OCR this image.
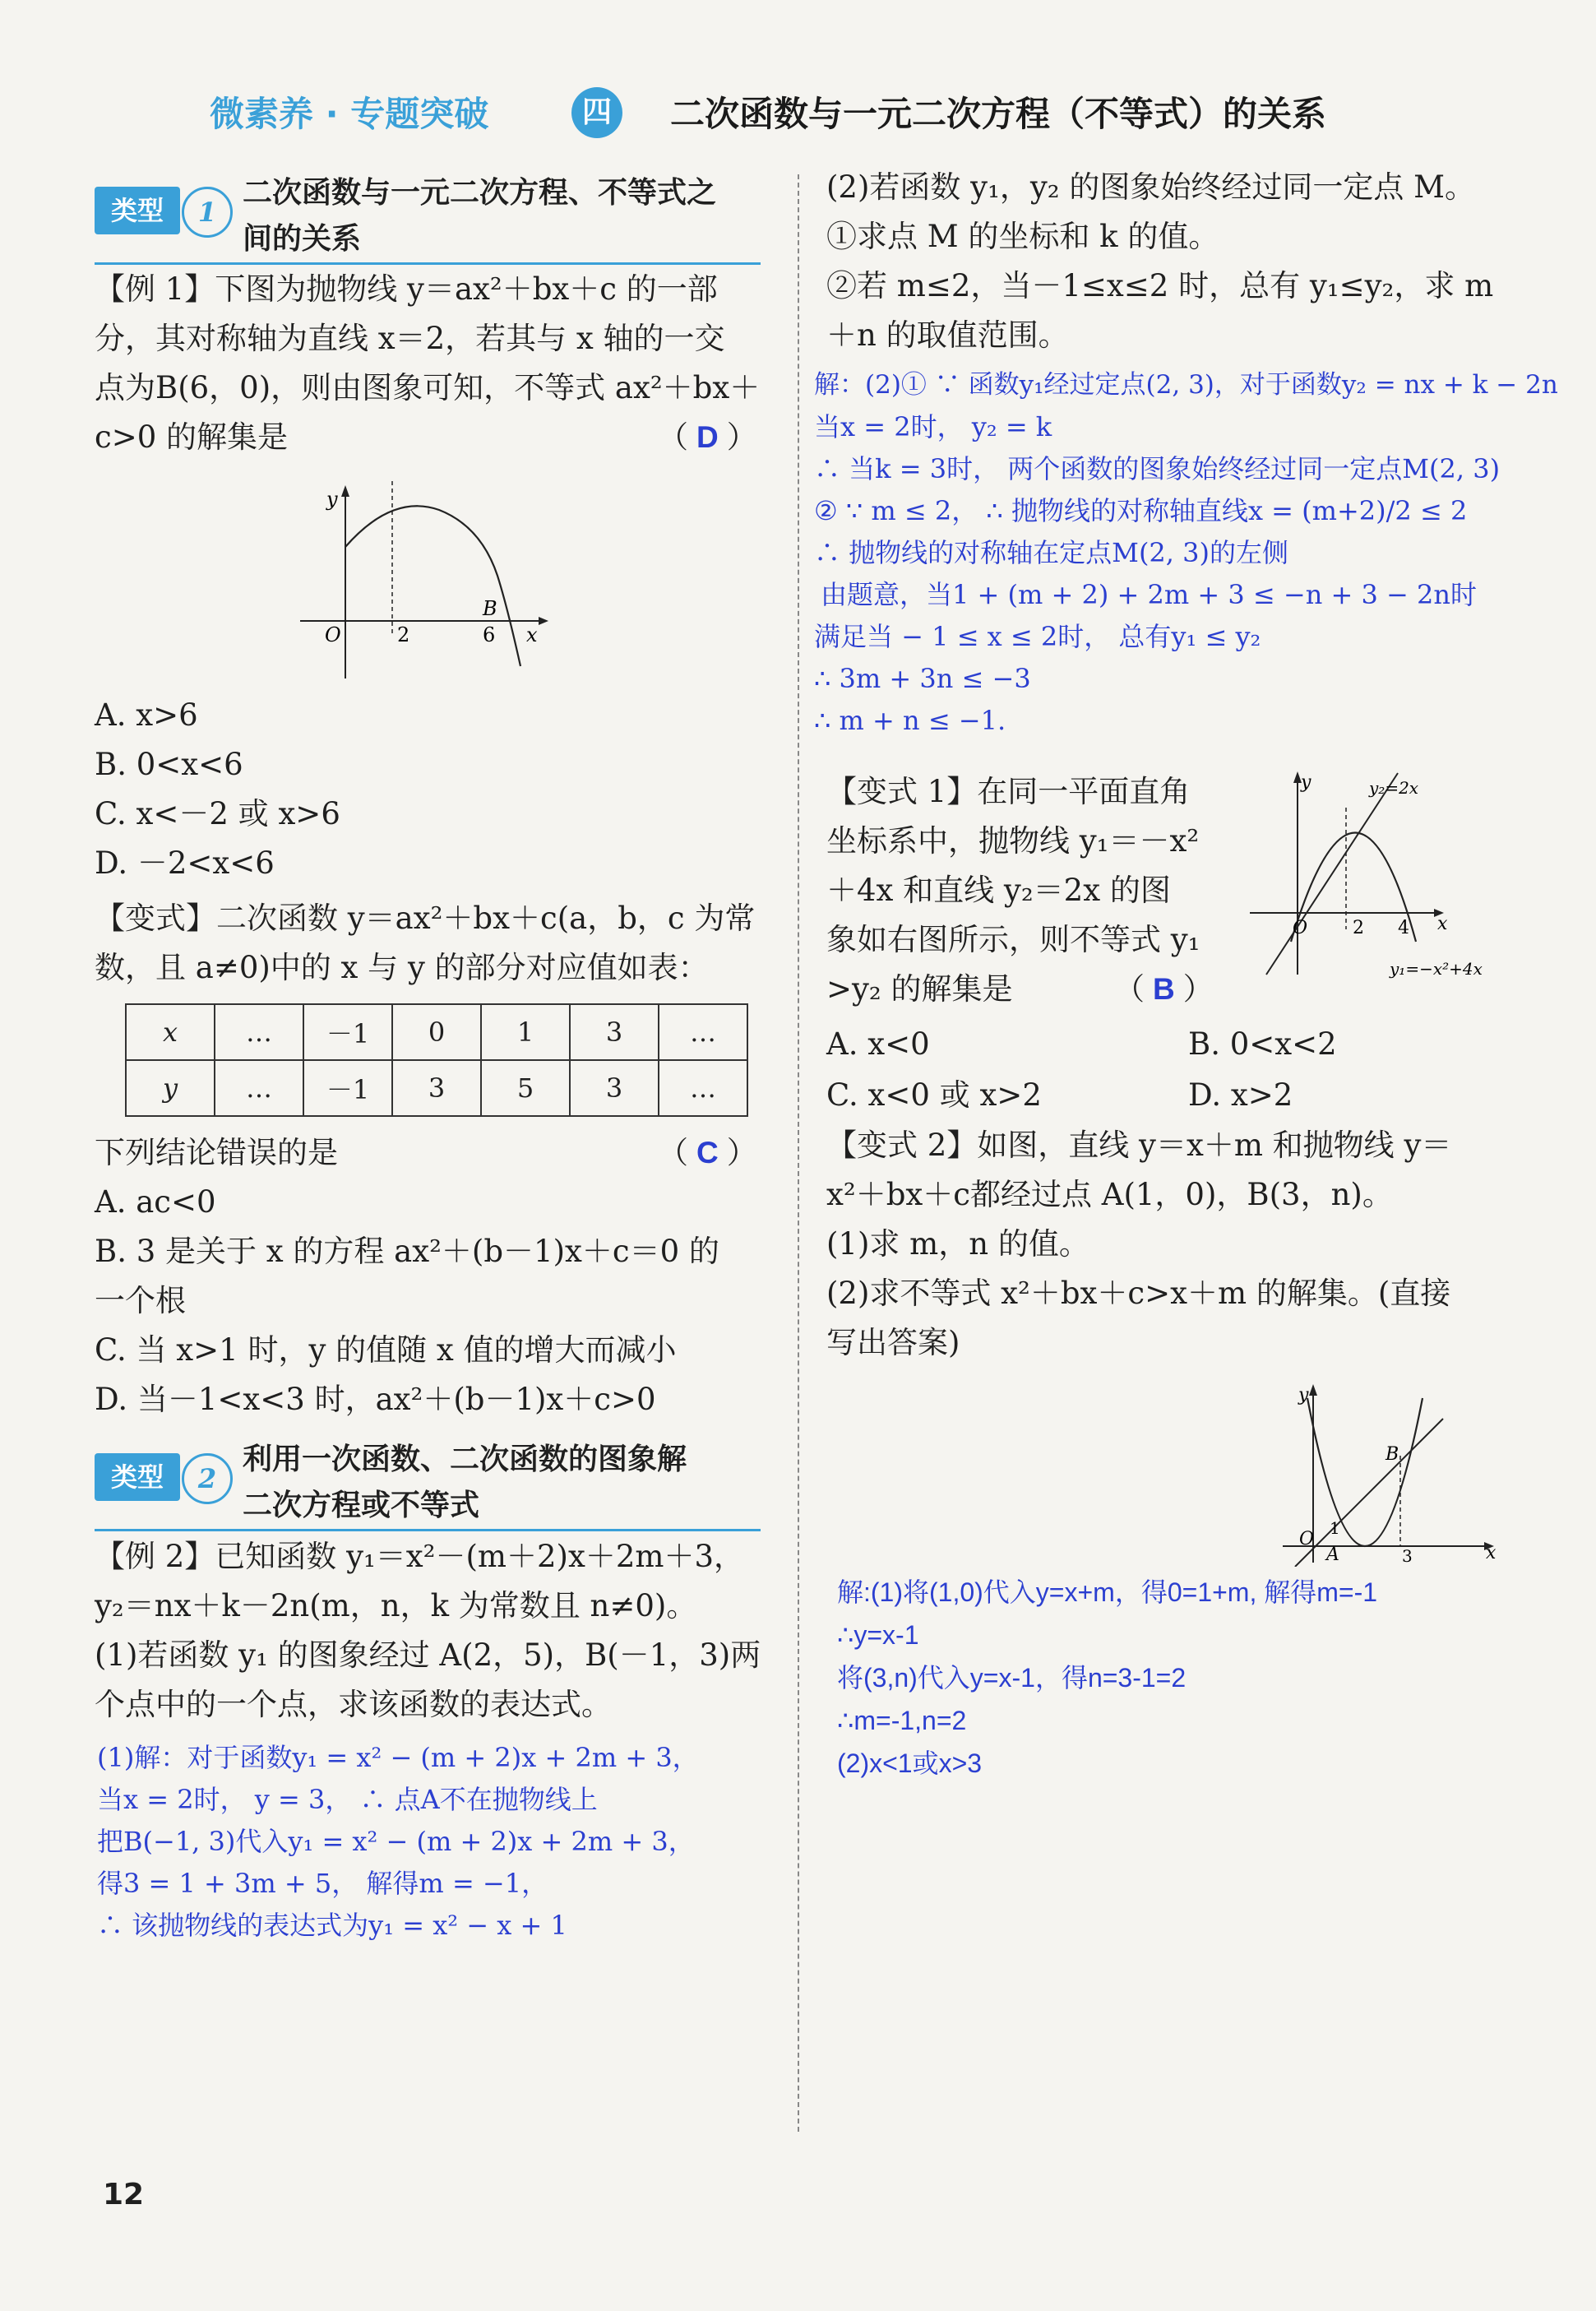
微素养 · 专题突破	四	二次函数与一元二次方程（不等式）的关系
类型	1
二次函数与一元二次方程、不等式之
间的关系
【例 1】下图为抛物线 y＝ax²＋bx＋c 的一部
分，其对称轴为直线 x＝2，若其与 x 轴的一交
点为B(6，0)，则由图象可知，不等式 ax²＋bx＋
c>0 的解集是	（ D ）
y
O	2	6 x
B
A. x>6
B. 0<x<6
C. x<－2 或 x>6
D. －2<x<6
【变式】二次函数 y＝ax²＋bx＋c(a，b，c 为常
数，且 a≠0)中的 x 与 y 的部分对应值如表：
x	…	－1	0	1	3	…
y	…	－1	3	5	3	…
下列结论错误的是	（ C ）
A. ac<0
B. 3 是关于 x 的方程 ax²＋(b－1)x＋c＝0 的
一个根
C. 当 x>1 时，y 的值随 x 值的增大而减小
D. 当－1<x<3 时，ax²＋(b－1)x＋c>0
类型	2
利用一次函数、二次函数的图象解
二次方程或不等式
【例 2】已知函数 y₁＝x²－(m＋2)x＋2m＋3，
y₂＝nx＋k－2n(m，n，k 为常数且 n≠0)。
(1)若函数 y₁ 的图象经过 A(2，5)，B(－1，3)两
个点中的一个点，求该函数的表达式。
(1)解：对于函数y₁ = x² − (m + 2)x + 2m + 3，
当x = 2时， y = 3， ∴ 点A不在抛物线上
把B(−1, 3)代入y₁ = x² − (m + 2)x + 2m + 3，
得3 = 1 + 3m + 5， 解得m = −1，
∴ 该抛物线的表达式为y₁ = x² − x + 1
(2)若函数 y₁，y₂ 的图象始终经过同一定点 M。
①求点 M 的坐标和 k 的值。
②若 m≤2，当－1≤x≤2 时，总有 y₁≤y₂，求 m
＋n 的取值范围。
解：(2)① ∵ 函数y₁经过定点(2, 3)，对于函数y₂ = nx + k − 2n
当x = 2时， y₂ = k
∴ 当k = 3时， 两个函数的图象始终经过同一定点M(2, 3)
② ∵ m ≤ 2， ∴ 抛物线的对称轴直线x = (m+2)/2 ≤ 2
∴ 抛物线的对称轴在定点M(2, 3)的左侧
由题意，当1 + (m + 2) + 2m + 3 ≤ −n + 3 − 2n时
满足当 − 1 ≤ x ≤ 2时， 总有y₁ ≤ y₂
∴ 3m + 3n ≤ −3
∴ m + n ≤ −1.
【变式 1】在同一平面直角
坐标系中，抛物线 y₁＝－x²
＋4x 和直线 y₂＝2x 的图
象如右图所示，则不等式 y₁
>y₂ 的解集是	（ B ）
y
O 2 4 x
y₂=2x
y₁=−x²+4x
A. x<0	B. 0<x<2
C. x<0 或 x>2	D. x>2
【变式 2】如图，直线 y＝x＋m 和抛物线 y＝
x²＋bx＋c都经过点 A(1，0)，B(3，n)。
(1)求 m，n 的值。
(2)求不等式 x²＋bx＋c>x＋m 的解集。(直接
写出答案)
y
O
A
1
B
3	x
解:(1)将(1,0)代入y=x+m，得0=1+m, 解得m=-1
∴y=x-1
将(3,n)代入y=x-1，得n=3-1=2
∴m=-1,n=2
(2)x<1或x>3
12
